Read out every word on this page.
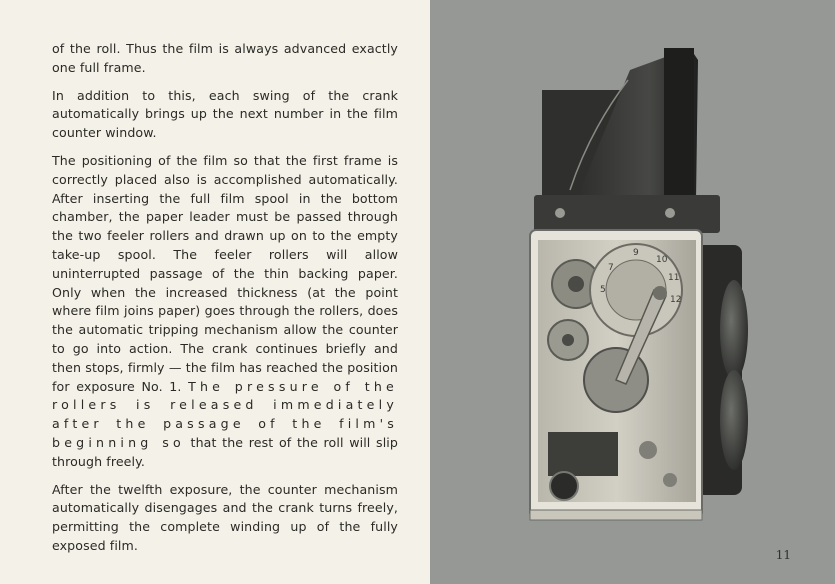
of the roll. Thus the film is always advanced exactly one full frame.

In addition to this, each swing of the crank automatically brings up the next number in the film counter window.

The positioning of the film so that the first frame is correctly placed also is accomplished automatically. After inserting the full film spool in the bottom chamber, the paper leader must be passed through the two feeler rollers and drawn up on to the empty take-up spool. The feeler rollers will allow uninterrupted passage of the thin backing paper. Only when the increased thickness (at the point where film joins paper) goes through the rollers, does the automatic tripping mechanism allow the counter to go into action. The crank continues briefly and then stops, firmly — the film has reached the position for exposure No. 1. The pressure of the rollers is released immediately after the passage of the film's beginning so that the rest of the roll will slip through freely.

After the twelfth exposure, the counter mechanism automatically disengages and the crank turns freely, permitting the complete winding up of the fully exposed film.

9
10
11
12
7
5
11
